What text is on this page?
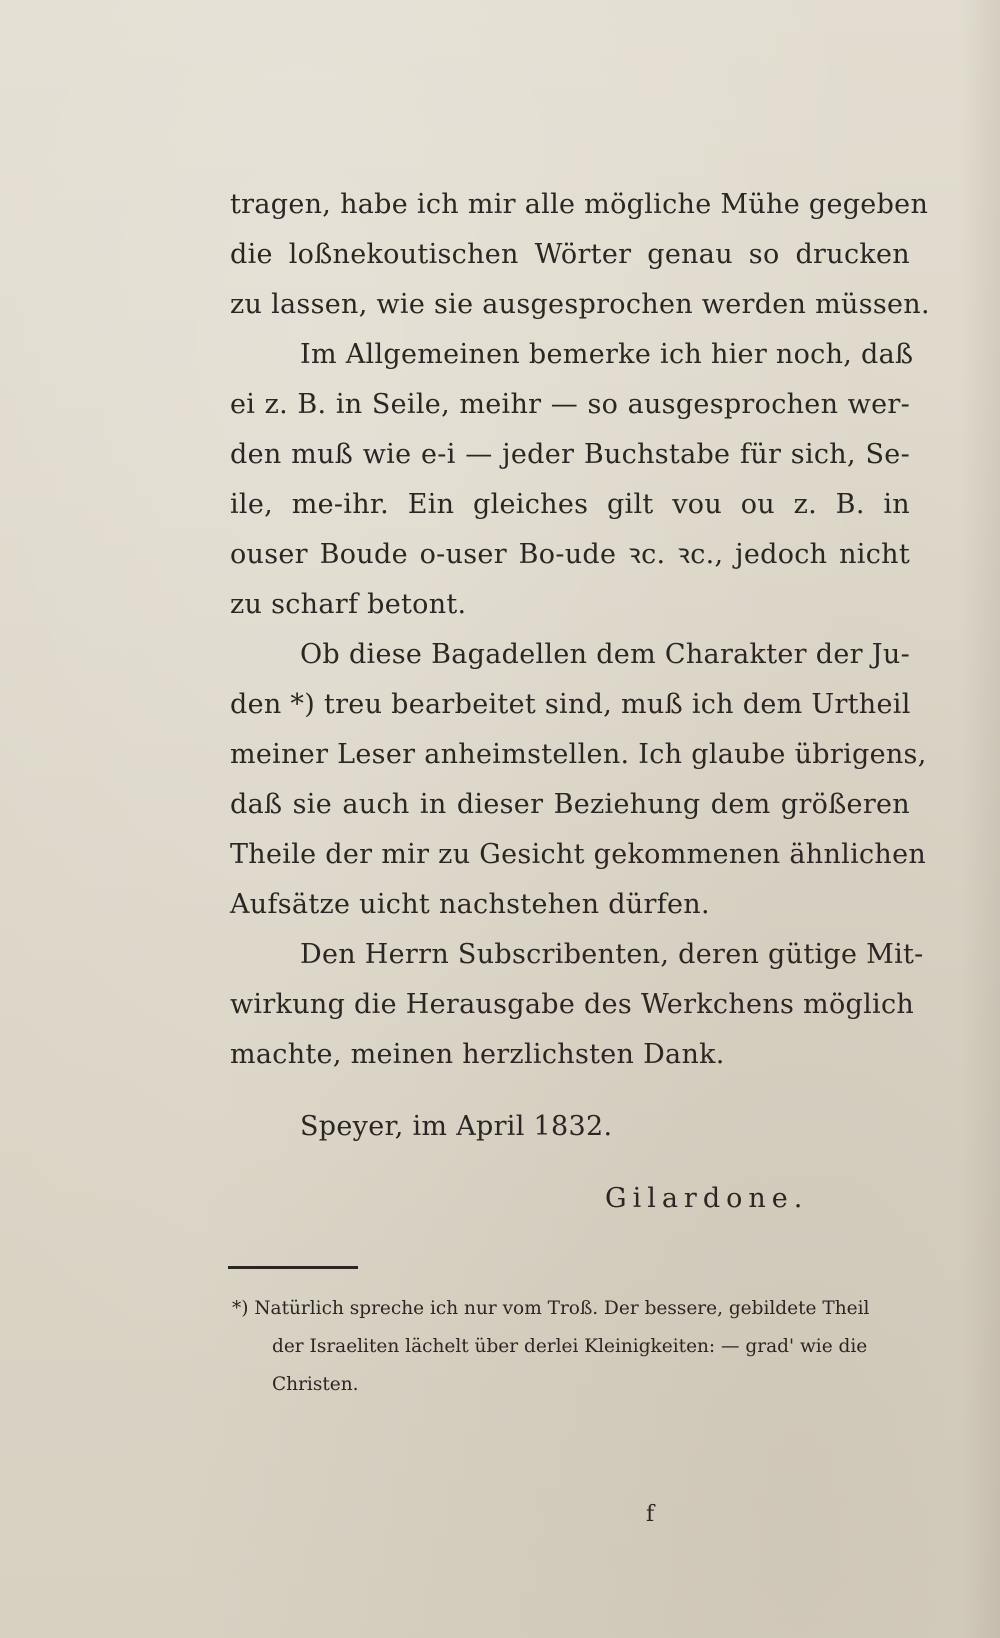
tragen, habe ich mir alle mögliche Mühe gegeben
die loßnekoutischen Wörter genau so drucken
zu lassen, wie sie ausgesprochen werden müssen.
Im Allgemeinen bemerke ich hier noch, daß
ei z. B. in Seile, meihr — so ausgesprochen wer-
den muß wie e-i — jeder Buchstabe für sich, Se-
ile, me-ihr. Ein gleiches gilt vou ou z. B. in
ouser Boude o-user Bo-ude ꝛc. ꝛc., jedoch nicht
zu scharf betont.
Ob diese Bagadellen dem Charakter der Ju-
den *) treu bearbeitet sind, muß ich dem Urtheil
meiner Leser anheimstellen. Ich glaube übrigens,
daß sie auch in dieser Beziehung dem größeren
Theile der mir zu Gesicht gekommenen ähnlichen
Aufsätze uicht nachstehen dürfen.
Den Herrn Subscribenten, deren gütige Mit-
wirkung die Herausgabe des Werkchens möglich
machte, meinen herzlichsten Dank.
Speyer, im April 1832.
Gilardone.
*) Natürlich spreche ich nur vom Troß. Der bessere, gebildete Theil
der Israeliten lächelt über derlei Kleinigkeiten: — grad' wie die
Christen.
f
